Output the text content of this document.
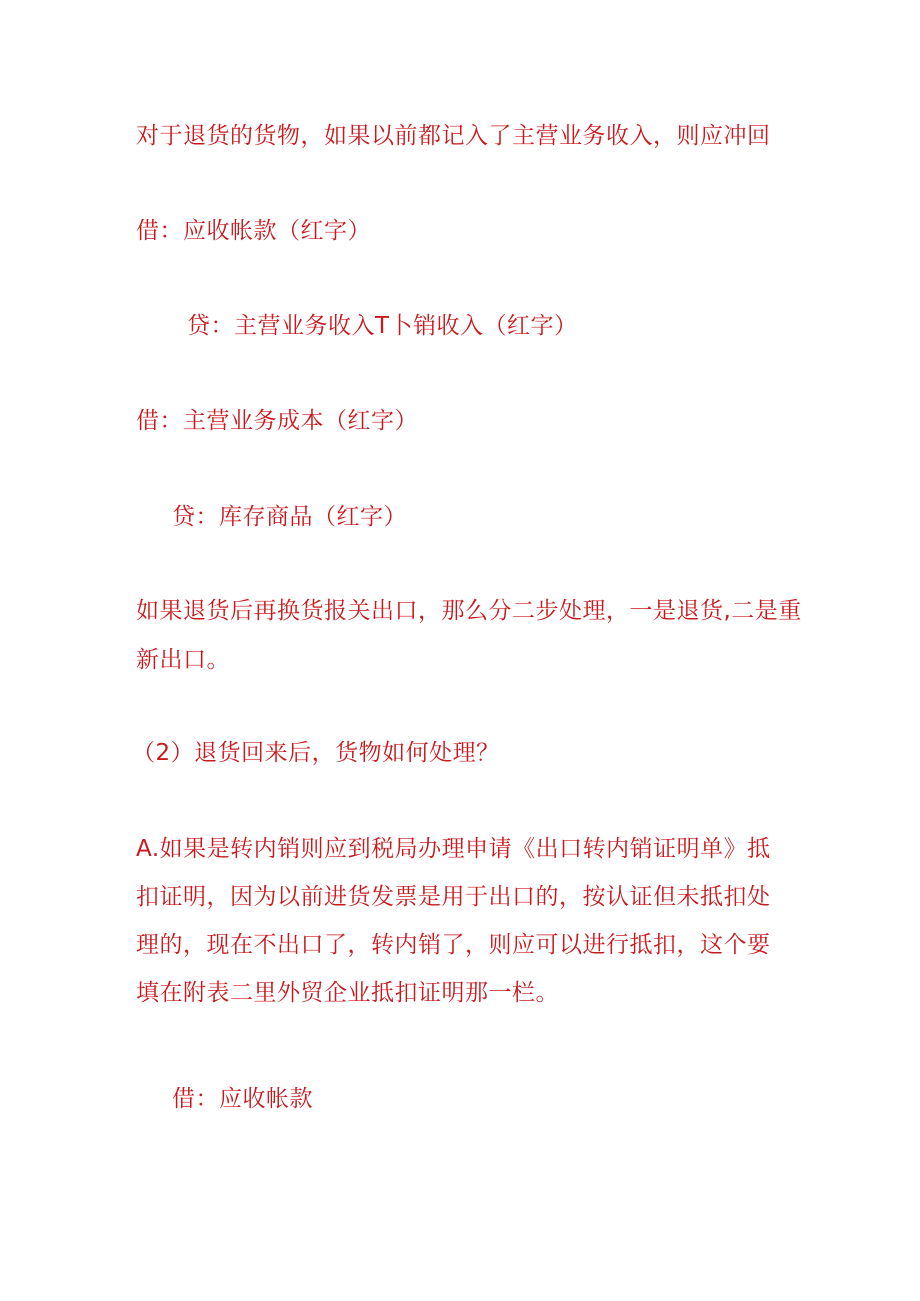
对于退货的货物，如果以前都记入了主营业务收入，则应冲回
借：应收帐款（红字）
贷：主营业务收入T卜销收入（红字）
借：主营业务成本（红字）
贷：库存商品（红字）
如果退货后再换货报关出口，那么分二步处理，一是退货,二是重
新出口。
（2）退货回来后，货物如何处理？
A.如果是转内销则应到税局办理申请《出口转内销证明单》抵
扣证明，因为以前进货发票是用于出口的，按认证但未抵扣处
理的，现在不出口了，转内销了，则应可以进行抵扣，这个要
填在附表二里外贸企业抵扣证明那一栏。
借：应收帐款
